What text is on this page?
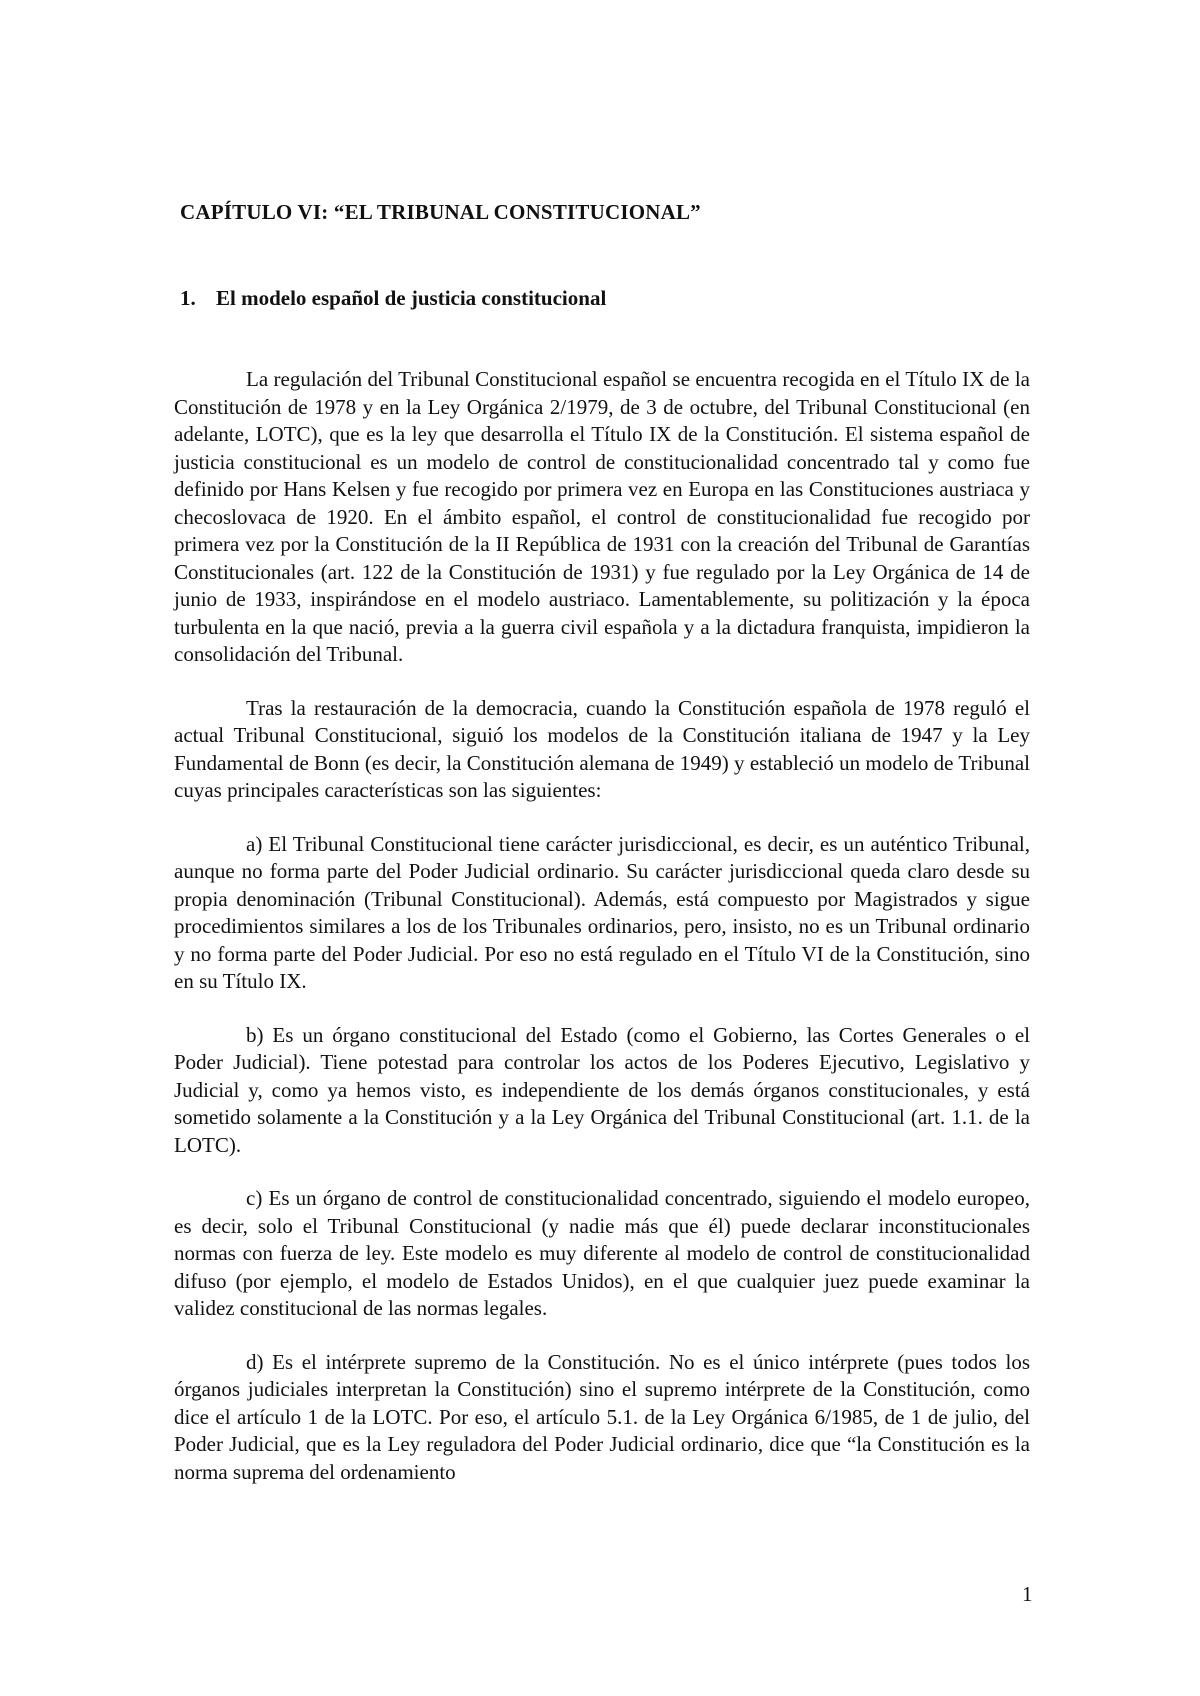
CAPÍTULO VI: “EL TRIBUNAL CONSTITUCIONAL”
1. El modelo español de justicia constitucional

La regulación del Tribunal Constitucional español se encuentra recogida en el Título IX de la Constitución de 1978 y en la Ley Orgánica 2/1979, de 3 de octubre, del Tribunal Constitucional (en adelante, LOTC), que es la ley que desarrolla el Título IX de la Constitución. El sistema español de justicia constitucional es un modelo de control de constitucionalidad concentrado tal y como fue definido por Hans Kelsen y fue recogido por primera vez en Europa en las Constituciones austriaca y checoslovaca de 1920. En el ámbito español, el control de constitucionalidad fue recogido por primera vez por la Constitución de la II República de 1931 con la creación del Tribunal de Garantías Constitucionales (art. 122 de la Constitución de 1931) y fue regulado por la Ley Orgánica de 14 de junio de 1933, inspirándose en el modelo austriaco. Lamentablemente, su politización y la época turbulenta en la que nació, previa a la guerra civil española y a la dictadura franquista, impidieron la consolidación del Tribunal.

Tras la restauración de la democracia, cuando la Constitución española de 1978 reguló el actual Tribunal Constitucional, siguió los modelos de la Constitución italiana de 1947 y la Ley Fundamental de Bonn (es decir, la Constitución alemana de 1949) y estableció un modelo de Tribunal cuyas principales características son las siguientes:

a) El Tribunal Constitucional tiene carácter jurisdiccional, es decir, es un auténtico Tribunal, aunque no forma parte del Poder Judicial ordinario. Su carácter jurisdiccional queda claro desde su propia denominación (Tribunal Constitucional). Además, está compuesto por Magistrados y sigue procedimientos similares a los de los Tribunales ordinarios, pero, insisto, no es un Tribunal ordinario y no forma parte del Poder Judicial. Por eso no está regulado en el Título VI de la Constitución, sino en su Título IX.

b) Es un órgano constitucional del Estado (como el Gobierno, las Cortes Generales o el Poder Judicial). Tiene potestad para controlar los actos de los Poderes Ejecutivo, Legislativo y Judicial y, como ya hemos visto, es independiente de los demás órganos constitucionales, y está sometido solamente a la Constitución y a la Ley Orgánica del Tribunal Constitucional (art. 1.1. de la LOTC).

c) Es un órgano de control de constitucionalidad concentrado, siguiendo el modelo europeo, es decir, solo el Tribunal Constitucional (y nadie más que él) puede declarar inconstitucionales normas con fuerza de ley. Este modelo es muy diferente al modelo de control de constitucionalidad difuso (por ejemplo, el modelo de Estados Unidos), en el que cualquier juez puede examinar la validez constitucional de las normas legales.

d) Es el intérprete supremo de la Constitución. No es el único intérprete (pues todos los órganos judiciales interpretan la Constitución) sino el supremo intérprete de la Constitución, como dice el artículo 1 de la LOTC. Por eso, el artículo 5.1. de la Ley Orgánica 6/1985, de 1 de julio, del Poder Judicial, que es la Ley reguladora del Poder Judicial ordinario, dice que “la Constitución es la norma suprema del ordenamiento

1
